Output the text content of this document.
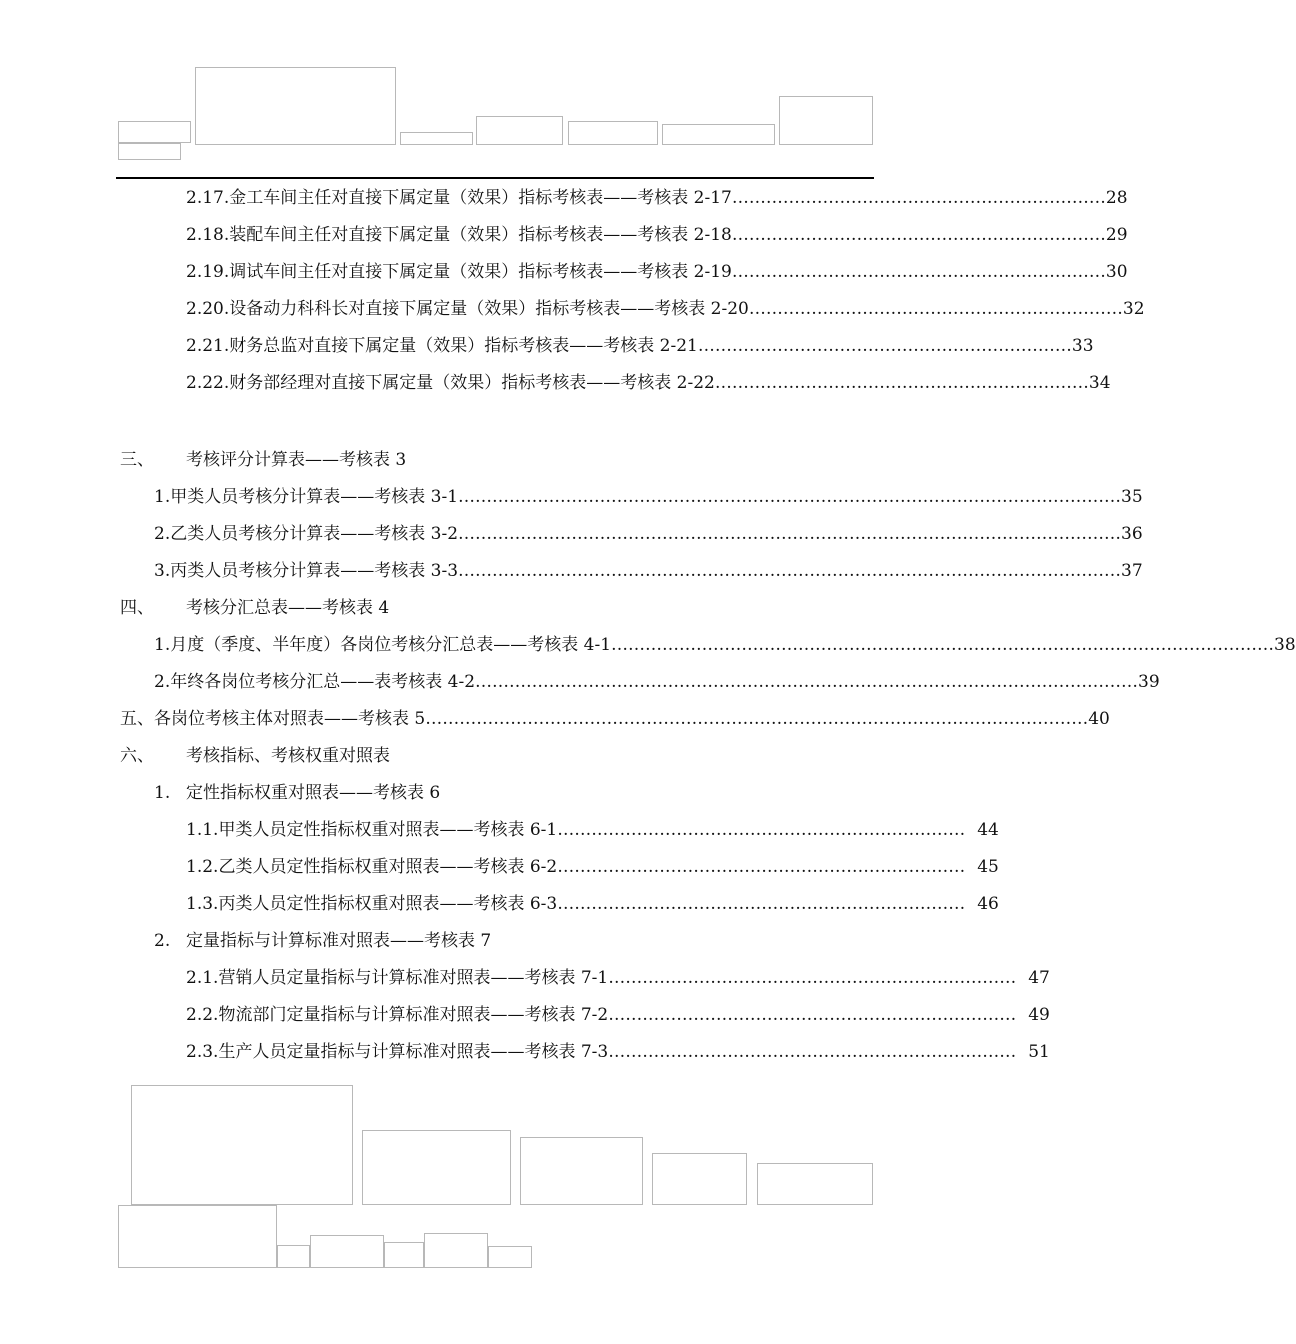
2.17. 金工车间主任对直接下属定量（效果）指标考核表——考核表 2-17 ………………………………………………………… 28
2.18. 装配车间主任对直接下属定量（效果）指标考核表——考核表 2-18 ………………………………………………………… 29
2.19. 调试车间主任对直接下属定量（效果）指标考核表——考核表 2-19 ………………………………………………………… 30
2.20. 设备动力科科长对直接下属定量（效果）指标考核表——考核表 2-20 ………………………………………………………… 32
2.21. 财务总监对直接下属定量（效果）指标考核表——考核表 2-21 ………………………………………………………… 33
2.22. 财务部经理对直接下属定量（效果）指标考核表——考核表 2-22 ………………………………………………………… 34
三、	考核评分计算表——考核表 3
1. 甲类人员考核分计算表——考核表 3-1 ……………………………………………………………………………………………………… 35
2. 乙类人员考核分计算表——考核表 3-2 ……………………………………………………………………………………………………… 36
3. 丙类人员考核分计算表——考核表 3-3 ……………………………………………………………………………………………………… 37
四、	考核分汇总表——考核表 4
1. 月度（季度、半年度）各岗位考核分汇总表——考核表 4-1 ……………………………………………………………………………………………………… 38
2. 年终各岗位考核分汇总——表考核表 4-2 ……………………………………………………………………………………………………… 39
五、 各岗位考核主体对照表——考核表 5 ……………………………………………………………………………………………………… 40
六、	考核指标、考核权重对照表
1. 定性指标权重对照表——考核表 6
1.1. 甲类人员定性指标权重对照表——考核表 6-1 ……………………………………………………………… 44
1.2. 乙类人员定性指标权重对照表——考核表 6-2 ……………………………………………………………… 45
1.3. 丙类人员定性指标权重对照表——考核表 6-3 ……………………………………………………………… 46
2. 定量指标与计算标准对照表——考核表 7
2.1. 营销人员定量指标与计算标准对照表——考核表 7-1 ……………………………………………………………… 47
2.2. 物流部门定量指标与计算标准对照表——考核表 7-2 ……………………………………………………………… 49
2.3. 生产人员定量指标与计算标准对照表——考核表 7-3 ……………………………………………………………… 51
